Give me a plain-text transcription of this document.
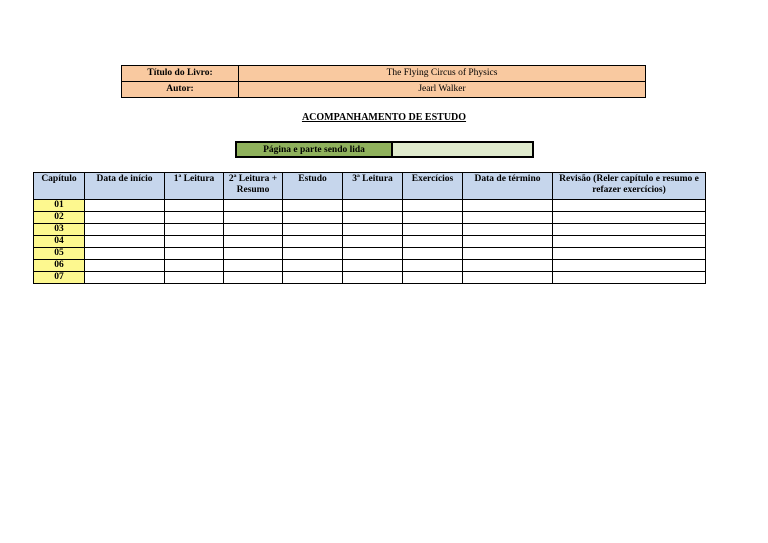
Título do Livro:	The Flying Circus of Physics
Autor:	Jearl Walker
ACOMPANHAMENTO DE ESTUDO
Página e parte sendo lida
Capítulo	Data de início	1ª Leitura	2ª Leitura + Resumo	Estudo	3ª Leitura	Exercícios	Data de término	Revisão (Reler capítulo e resumo e refazer exercícios)
01								
02								
03								
04								
05								
06								
07								
